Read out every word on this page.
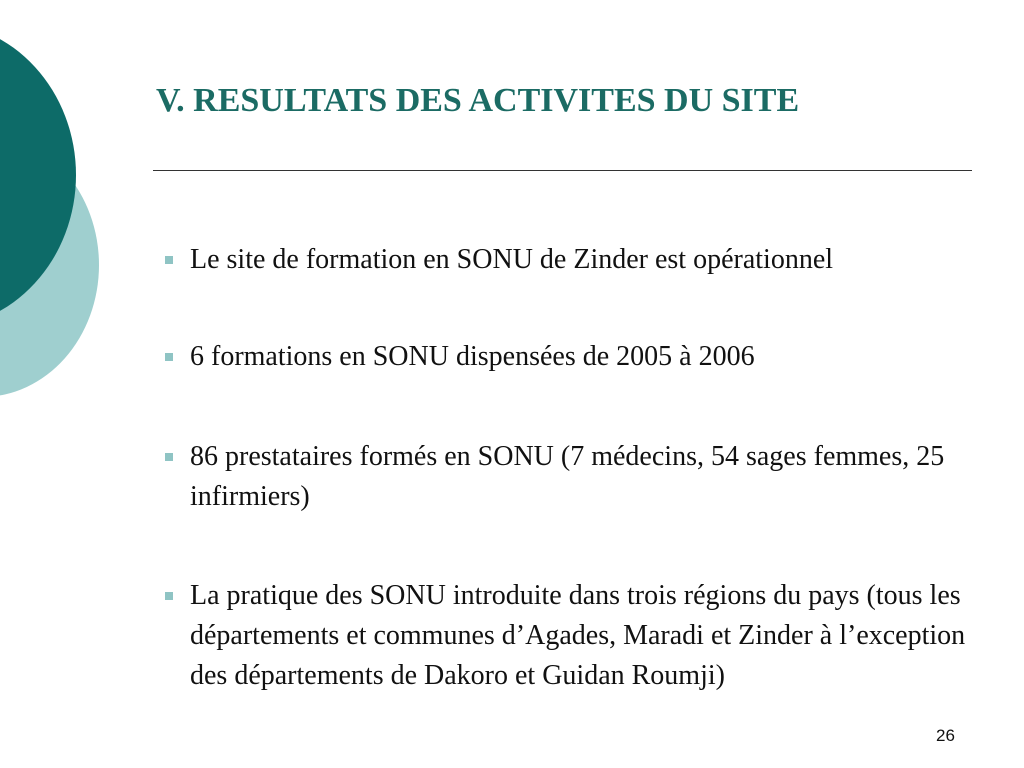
V. RESULTATS DES ACTIVITES DU SITE
Le site de formation en SONU de Zinder est opérationnel
6 formations en SONU dispensées de 2005 à 2006
86 prestataires formés en SONU (7 médecins, 54 sages femmes, 25 infirmiers)
La pratique des SONU introduite dans trois régions du pays (tous les départements et communes d’Agades, Maradi et Zinder à l’exception des départements de Dakoro et Guidan Roumji)
26
